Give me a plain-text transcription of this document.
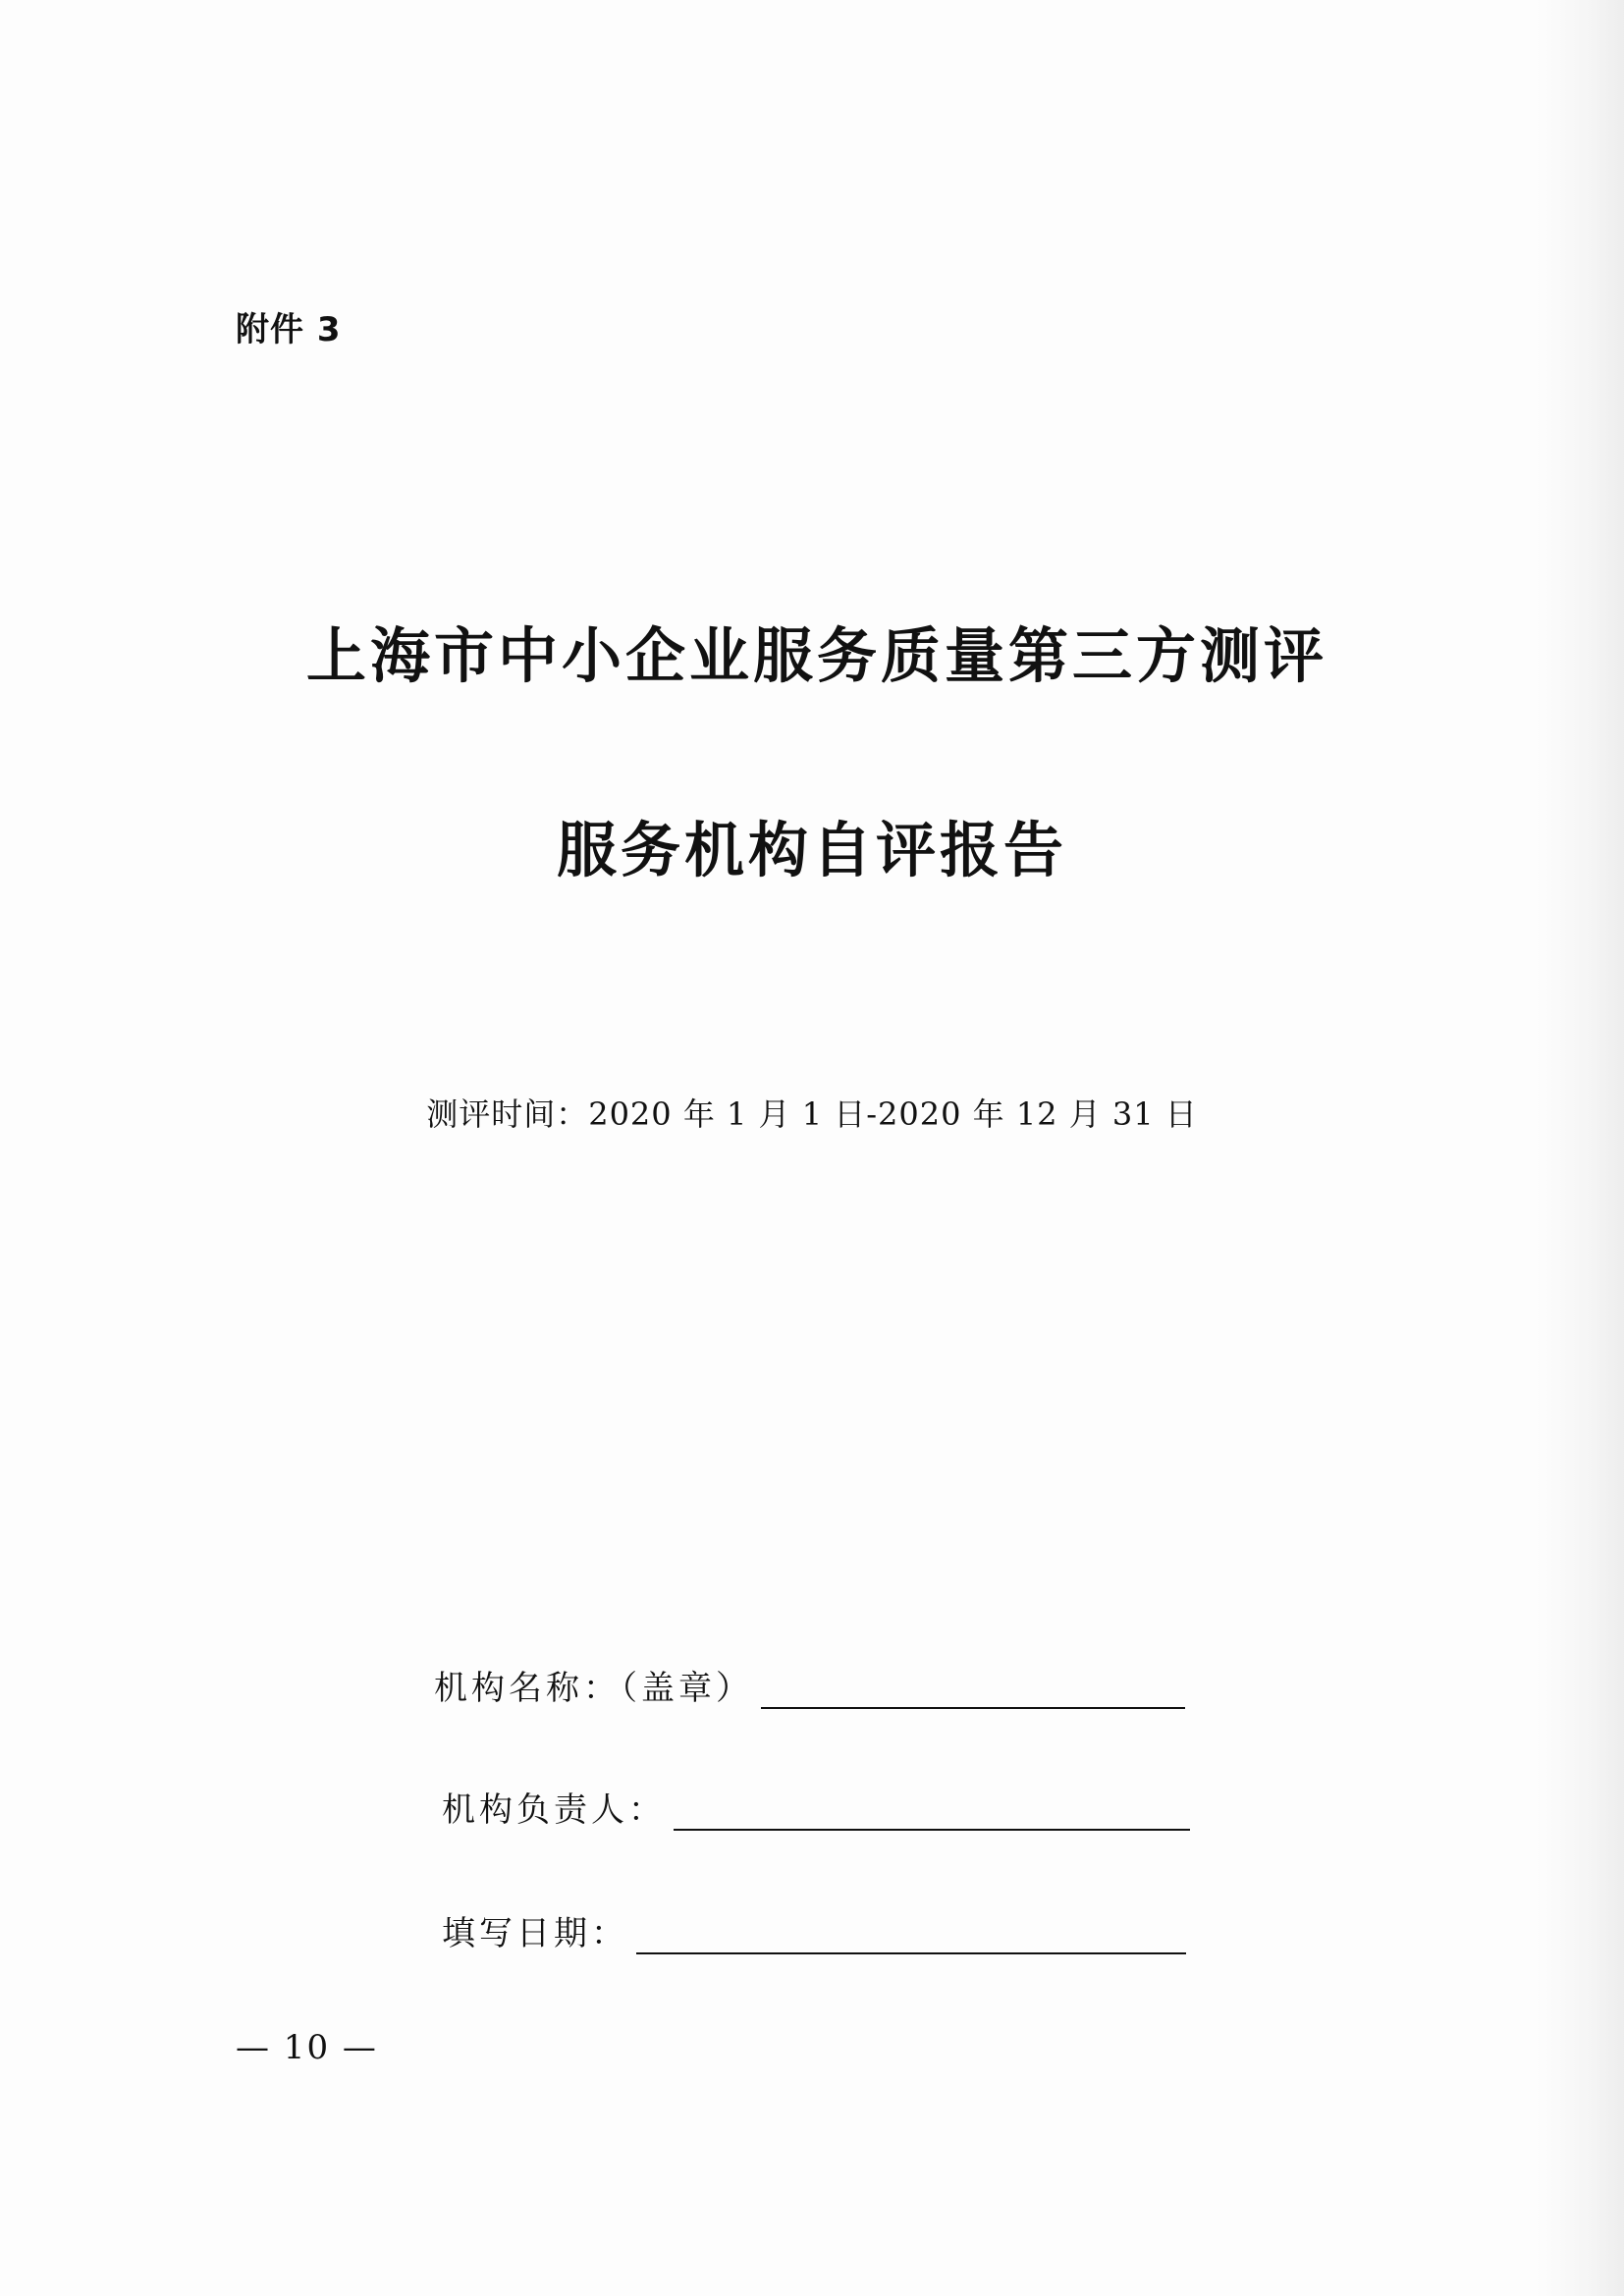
附件 3
上海市中小企业服务质量第三方测评
服务机构自评报告
测评时间：2020 年 1 月 1 日-2020 年 12 月 31 日
机构名称：（盖章）
机构负责人：
填写日期：
— 10 —
